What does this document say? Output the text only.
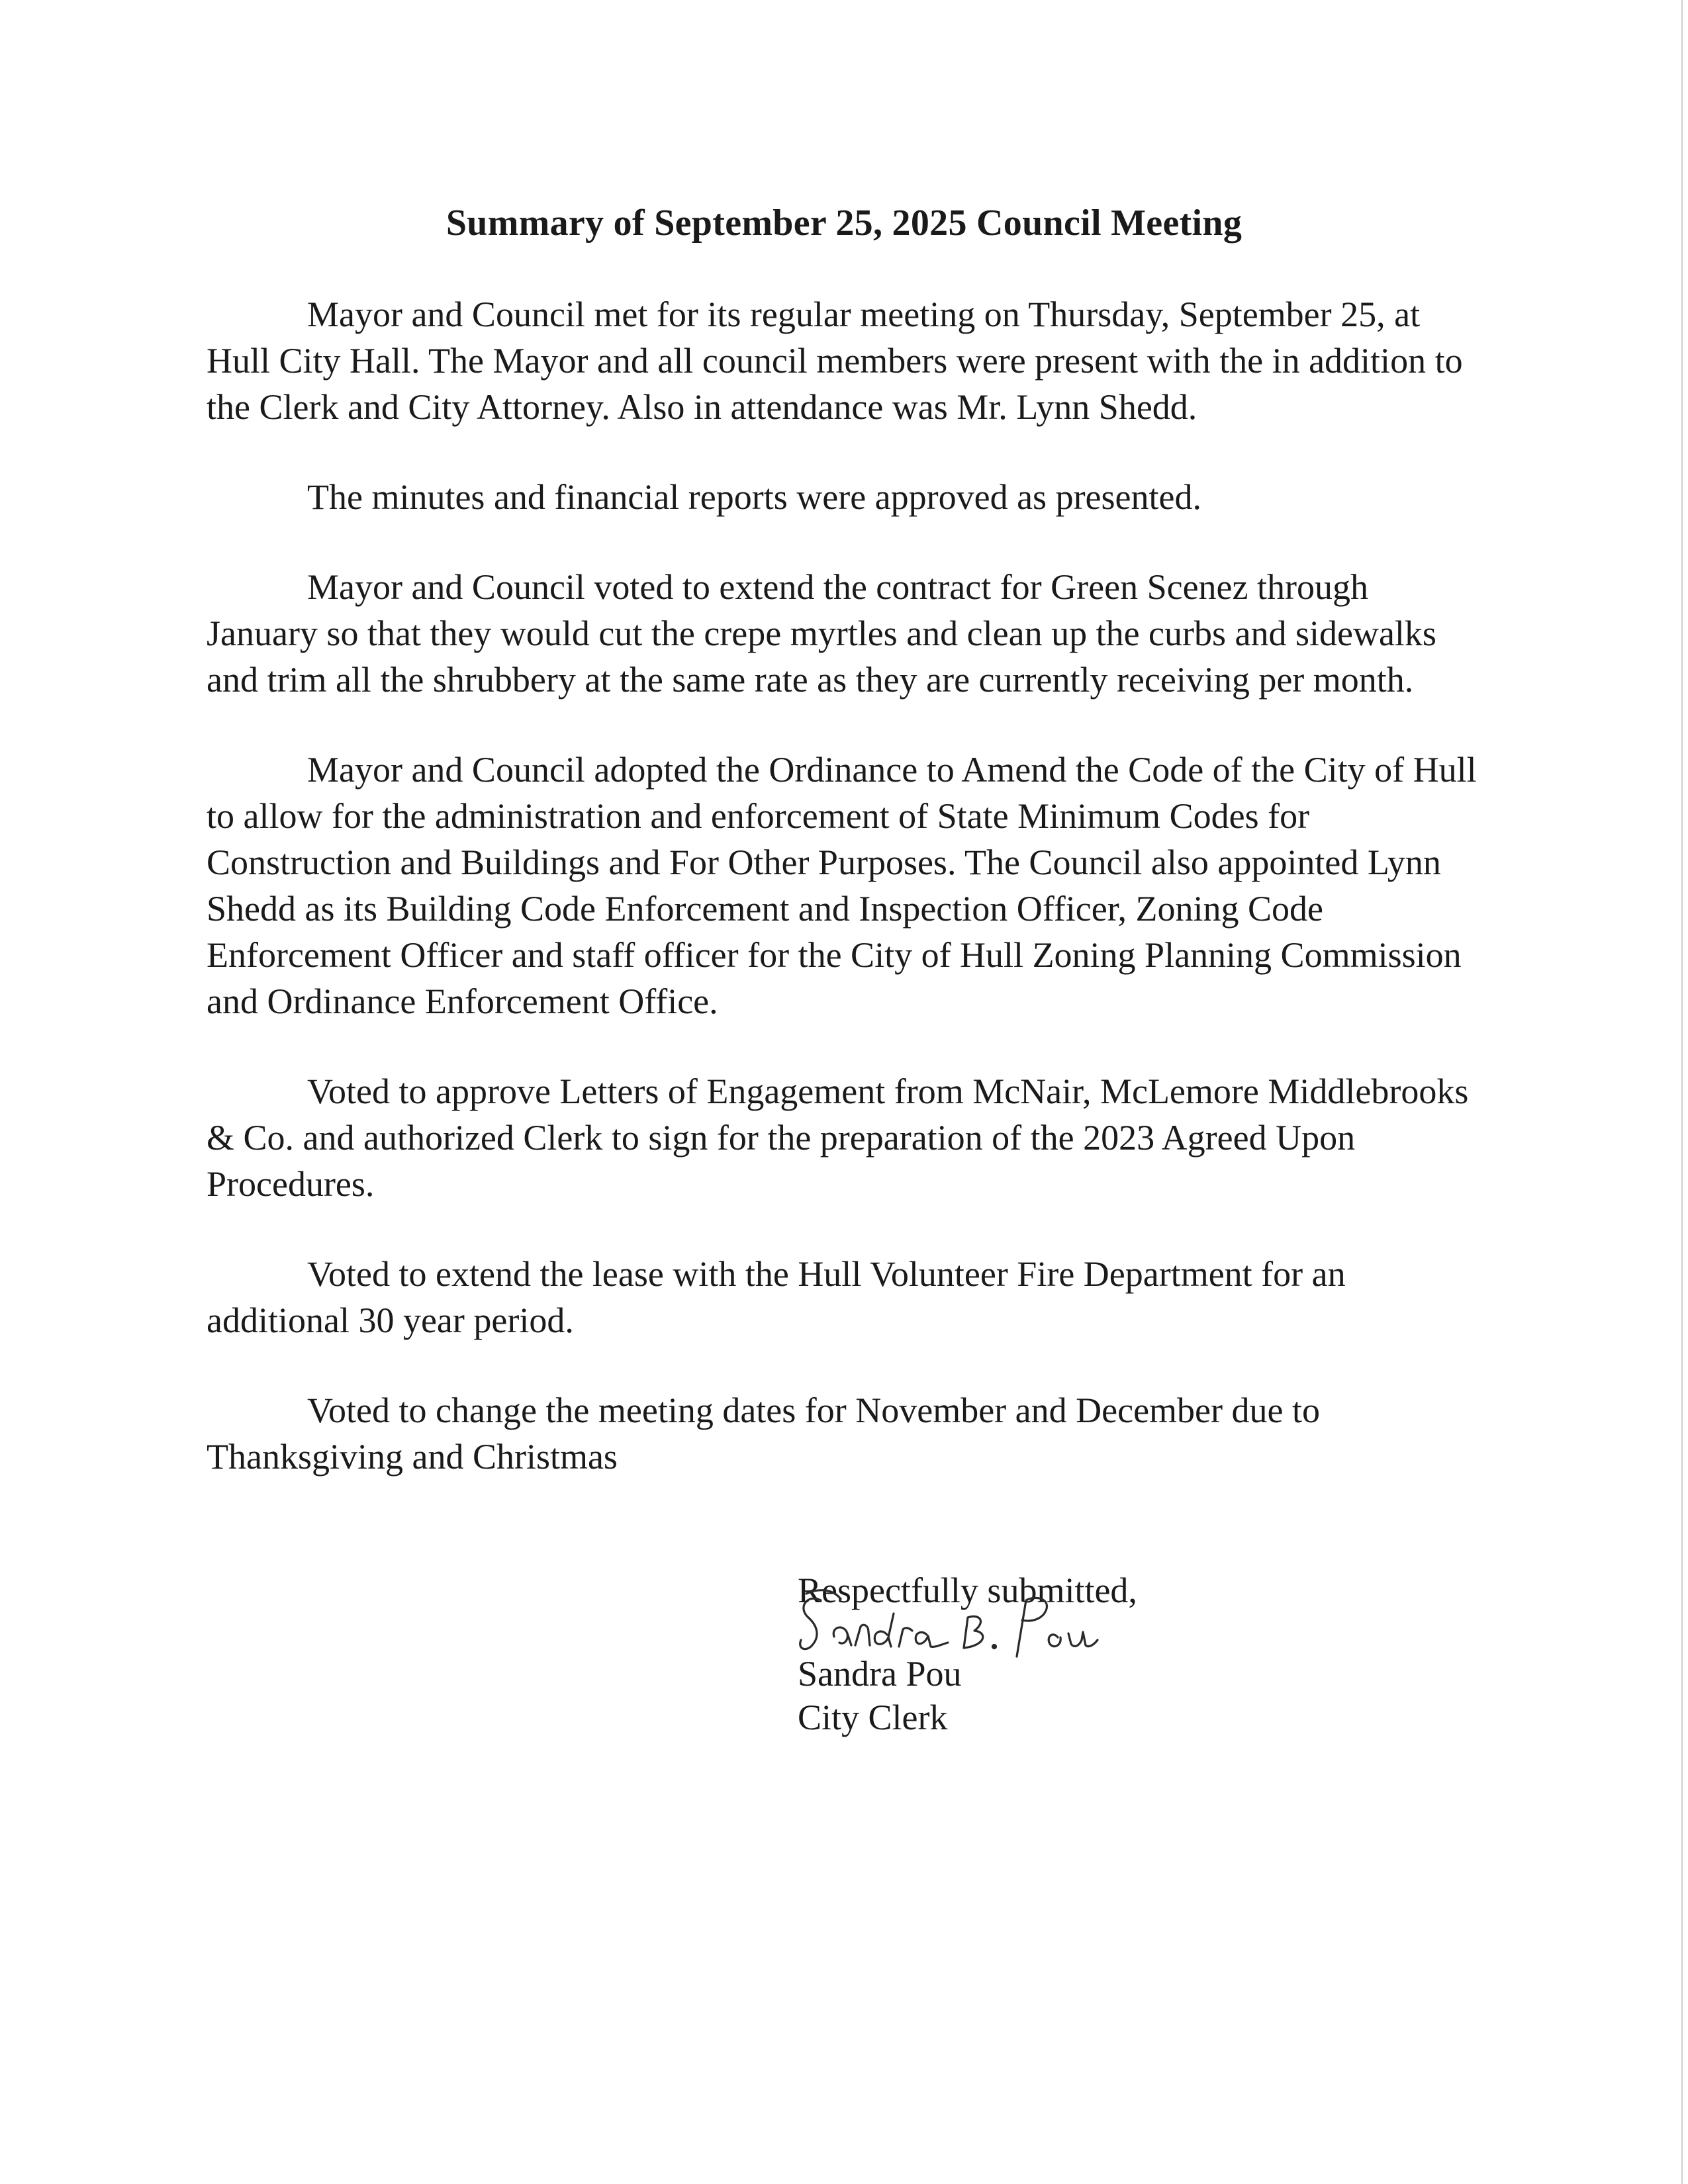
Summary of September 25, 2025 Council Meeting

Mayor and Council met for its regular meeting on Thursday, September 25, at Hull City Hall. The Mayor and all council members were present with the in addition to the Clerk and City Attorney. Also in attendance was Mr. Lynn Shedd.

The minutes and financial reports were approved as presented.

Mayor and Council voted to extend the contract for Green Scenez through January so that they would cut the crepe myrtles and clean up the curbs and sidewalks and trim all the shrubbery at the same rate as they are currently receiving per month.

Mayor and Council adopted the Ordinance to Amend the Code of the City of Hull to allow for the administration and enforcement of State Minimum Codes for Construction and Buildings and For Other Purposes. The Council also appointed Lynn Shedd as its Building Code Enforcement and Inspection Officer, Zoning Code Enforcement Officer and staff officer for the City of Hull Zoning Planning Commission and Ordinance Enforcement Office.

Voted to approve Letters of Engagement from McNair, McLemore Middlebrooks & Co. and authorized Clerk to sign for the preparation of the 2023 Agreed Upon Procedures.

Voted to extend the lease with the Hull Volunteer Fire Department for an additional 30 year period.

Voted to change the meeting dates for November and December due to Thanksgiving and Christmas

Respectfully submitted,
Sandra Pou
City Clerk
